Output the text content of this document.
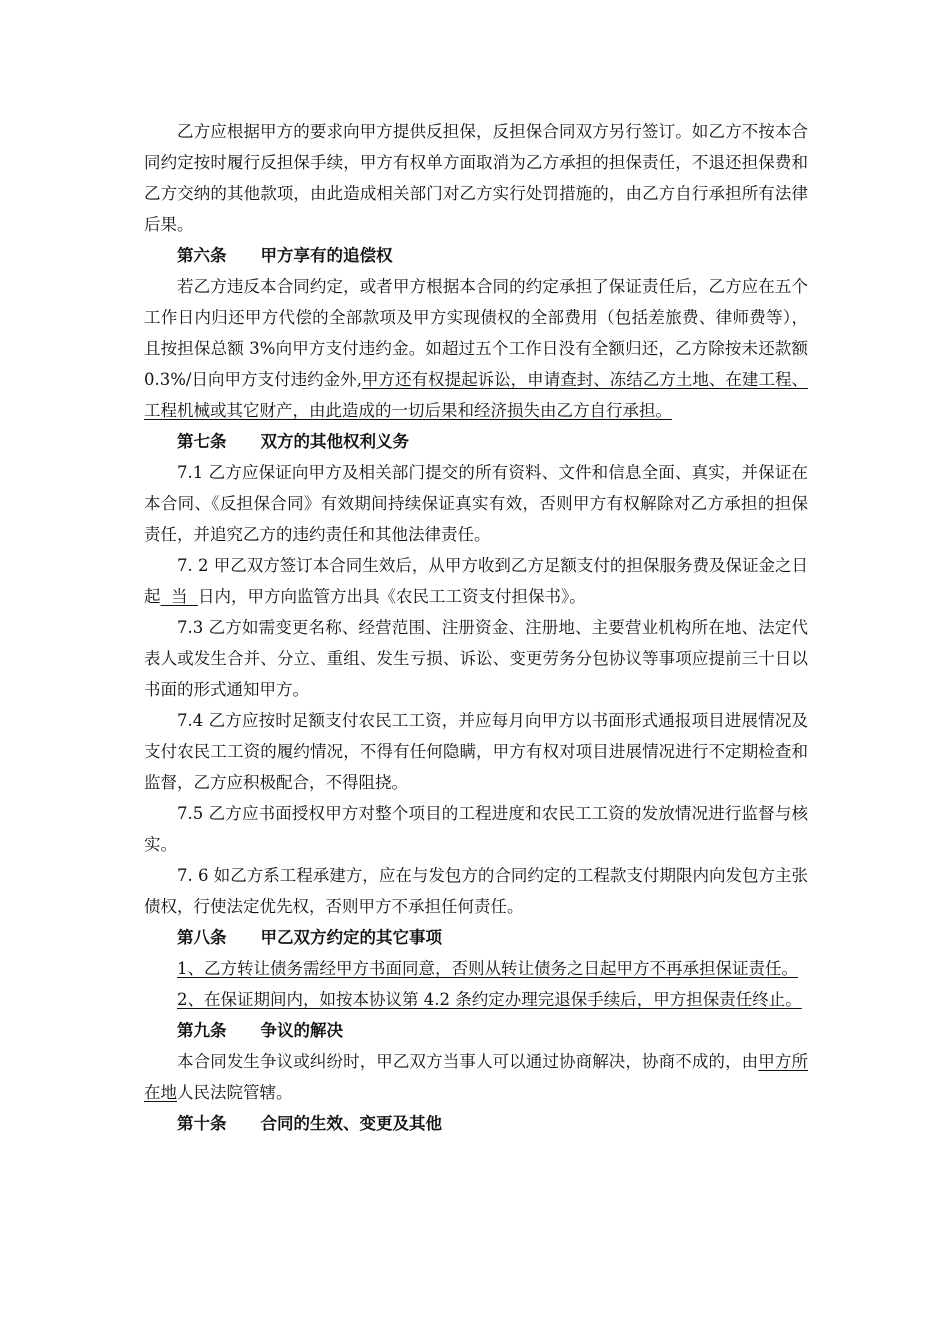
乙方应根据甲方的要求向甲方提供反担保，反担保合同双方另行签订。如乙方不按本合同约定按时履行反担保手续，甲方有权单方面取消为乙方承担的担保责任，不退还担保费和乙方交纳的其他款项，由此造成相关部门对乙方实行处罚措施的，由乙方自行承担所有法律后果。

第六条 甲方享有的追偿权

若乙方违反本合同约定，或者甲方根据本合同的约定承担了保证责任后，乙方应在五个工作日内归还甲方代偿的全部款项及甲方实现债权的全部费用（包括差旅费、律师费等），且按担保总额 3%向甲方支付违约金。如超过五个工作日没有全额归还，乙方除按未还款额 0.3%/日向甲方支付违约金外,甲方还有权提起诉讼，申请查封、冻结乙方土地、在建工程、工程机械或其它财产，由此造成的一切后果和经济损失由乙方自行承担。

第七条 双方的其他权利义务

7.1 乙方应保证向甲方及相关部门提交的所有资料、文件和信息全面、真实，并保证在本合同、《反担保合同》有效期间持续保证真实有效，否则甲方有权解除对乙方承担的担保责任，并追究乙方的违约责任和其他法律责任。

7. 2 甲乙双方签订本合同生效后，从甲方收到乙方足额支付的担保服务费及保证金之日起  当  日内，甲方向监管方出具《农民工工资支付担保书》。

7.3 乙方如需变更名称、经营范围、注册资金、注册地、主要营业机构所在地、法定代表人或发生合并、分立、重组、发生亏损、诉讼、变更劳务分包协议等事项应提前三十日以书面的形式通知甲方。

7.4 乙方应按时足额支付农民工工资，并应每月向甲方以书面形式通报项目进展情况及支付农民工工资的履约情况，不得有任何隐瞒，甲方有权对项目进展情况进行不定期检查和监督，乙方应积极配合，不得阻挠。

7.5 乙方应书面授权甲方对整个项目的工程进度和农民工工资的发放情况进行监督与核实。

7. 6 如乙方系工程承建方，应在与发包方的合同约定的工程款支付期限内向发包方主张债权，行使法定优先权，否则甲方不承担任何责任。

第八条 甲乙双方约定的其它事项

1、乙方转让债务需经甲方书面同意，否则从转让债务之日起甲方不再承担保证责任。

2、在保证期间内，如按本协议第 4.2 条约定办理完退保手续后，甲方担保责任终止。

第九条 争议的解决

本合同发生争议或纠纷时，甲乙双方当事人可以通过协商解决，协商不成的，由甲方所在地人民法院管辖。

第十条 合同的生效、变更及其他
